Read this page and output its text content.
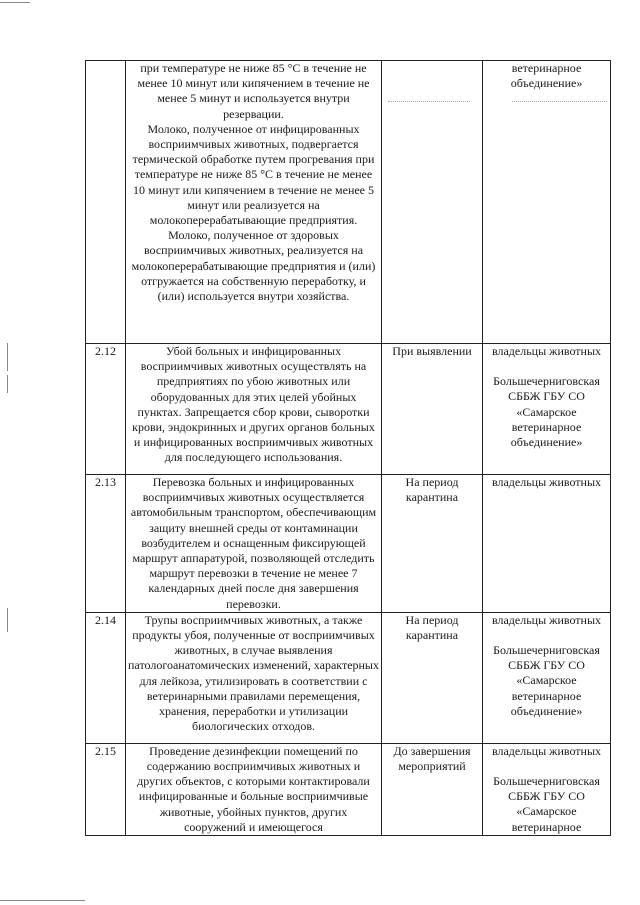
	при температуре не ниже 85 °С в течение не менее 10 минут или кипячением в течение не менее 5 минут и используется внутри резервации.
Молоко, полученное от инфицированных восприимчивых животных, подвергается термической обработке путем прогревания при температуре не ниже 85 °С в течение не менее 10 минут или кипячением в течение не менее 5 минут или реализуется на молокоперерабатывающие предприятия.
Молоко, полученное от здоровых восприимчивых животных, реализуется на молокоперерабатывающие предприятия и (или) отгружается на собственную переработку, и (или) используется внутри хозяйства.		ветеринарное объединение»

2.12	Убой больных и инфицированных восприимчивых животных осуществлять на предприятиях по убою животных или оборудованных для этих целей убойных пунктах. Запрещается сбор крови, сыворотки крови, эндокринных и других органов больных и инфицированных восприимчивых животных для последующего использования.	При выявлении	владельцы животных
Большечерниговская СББЖ ГБУ СО «Самарское ветеринарное объединение»

2.13	Перевозка больных и инфицированных восприимчивых животных осуществляется автомобильным транспортом, обеспечивающим защиту внешней среды от контаминации возбудителем и оснащенным фиксирующей маршрут аппаратурой, позволяющей отследить маршрут перевозки в течение не менее 7 календарных дней после дня завершения перевозки.	На период карантина	владельцы животных

2.14	Трупы восприимчивых животных, а также продукты убоя, полученные от восприимчивых животных, в случае выявления патологоанатомических изменений, характерных для лейкоза, утилизировать в соответствии с ветеринарными правилами перемещения, хранения, переработки и утилизации биологических отходов.	На период карантина	владельцы животных
Большечерниговская СББЖ ГБУ СО «Самарское ветеринарное объединение»

2.15	Проведение дезинфекции помещений по содержанию восприимчивых животных и других объектов, с которыми контактировали инфицированные и больные восприимчивые животные, убойных пунктов, других сооружений и имеющегося	До завершения мероприятий	владельцы животных
Большечерниговская СББЖ ГБУ СО «Самарское ветеринарное
